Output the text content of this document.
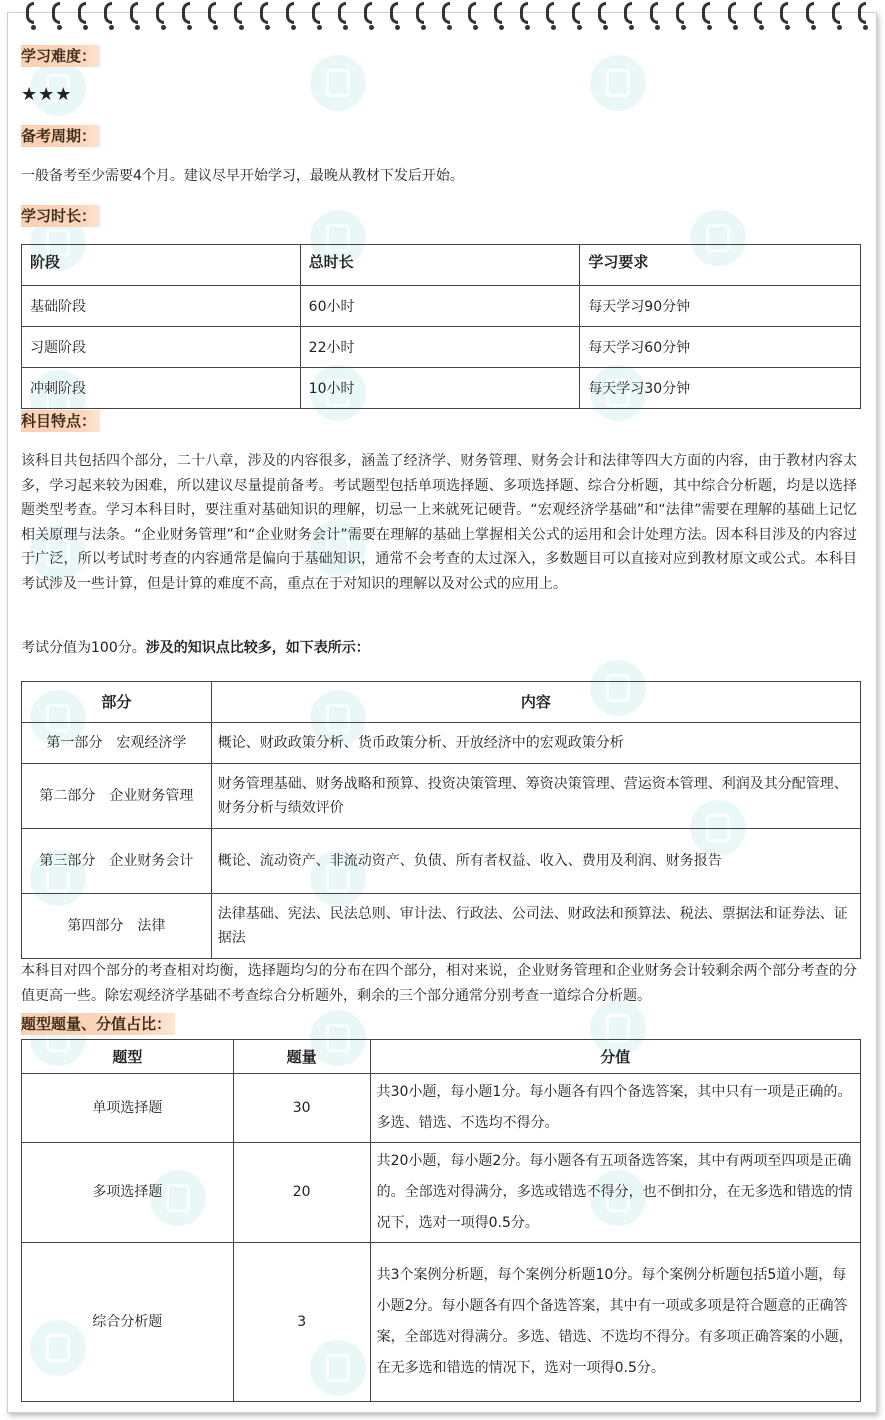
学习难度：
★★★
备考周期：

一般备考至少需要4个月。建议尽早开始学习，最晚从教材下发后开始。

学习时长：
阶段	总时长	学习要求
基础阶段	60小时	每天学习90分钟
习题阶段	22小时	每天学习60分钟
冲刺阶段	10小时	每天学习30分钟
科目特点：

该科目共包括四个部分，二十八章，涉及的内容很多，涵盖了经济学、财务管理、财务会计和法律等四大方面的内容，由于教材内容太多，学习起来较为困难，所以建议尽量提前备考。考试题型包括单项选择题、多项选择题、综合分析题，其中综合分析题，均是以选择题类型考查。学习本科目时，要注重对基础知识的理解，切忌一上来就死记硬背。“宏观经济学基础”和“法律”需要在理解的基础上记忆相关原理与法条。“企业财务管理”和“企业财务会计”需要在理解的基础上掌握相关公式的运用和会计处理方法。因本科目涉及的内容过于广泛，所以考试时考查的内容通常是偏向于基础知识，通常不会考查的太过深入，多数题目可以直接对应到教材原文或公式。本科目考试涉及一些计算，但是计算的难度不高，重点在于对知识的理解以及对公式的应用上。

考试分值为100分。涉及的知识点比较多，如下表所示：

部分	内容
第一部分　宏观经济学	概论、财政政策分析、货币政策分析、开放经济中的宏观政策分析
第二部分　企业财务管理	财务管理基础、财务战略和预算、投资决策管理、筹资决策管理、营运资本管理、利润及其分配管理、财务分析与绩效评价
第三部分　企业财务会计	概论、流动资产、非流动资产、负债、所有者权益、收入、费用及利润、财务报告
第四部分　法律	法律基础、宪法、民法总则、审计法、行政法、公司法、财政法和预算法、税法、票据法和证券法、证据法

本科目对四个部分的考查相对均衡，选择题均匀的分布在四个部分，相对来说，企业财务管理和企业财务会计较剩余两个部分考查的分值更高一些。除宏观经济学基础不考查综合分析题外，剩余的三个部分通常分别考查一道综合分析题。

题型题量、分值占比：
题型	题量	分值
单项选择题	30	共30小题，每小题1分。每小题各有四个备选答案，其中只有一项是正确的。多选、错选、不选均不得分。
多项选择题	20	共20小题，每小题2分。每小题各有五项备选答案，其中有两项至四项是正确的。全部选对得满分，多选或错选不得分，也不倒扣分，在无多选和错选的情况下，选对一项得0.5分。
综合分析题	3	共3个案例分析题，每个案例分析题10分。每个案例分析题包括5道小题，每小题2分。每小题各有四个备选答案，其中有一项或多项是符合题意的正确答案，全部选对得满分。多选、错选、不选均不得分。有多项正确答案的小题，在无多选和错选的情况下，选对一项得0.5分。
